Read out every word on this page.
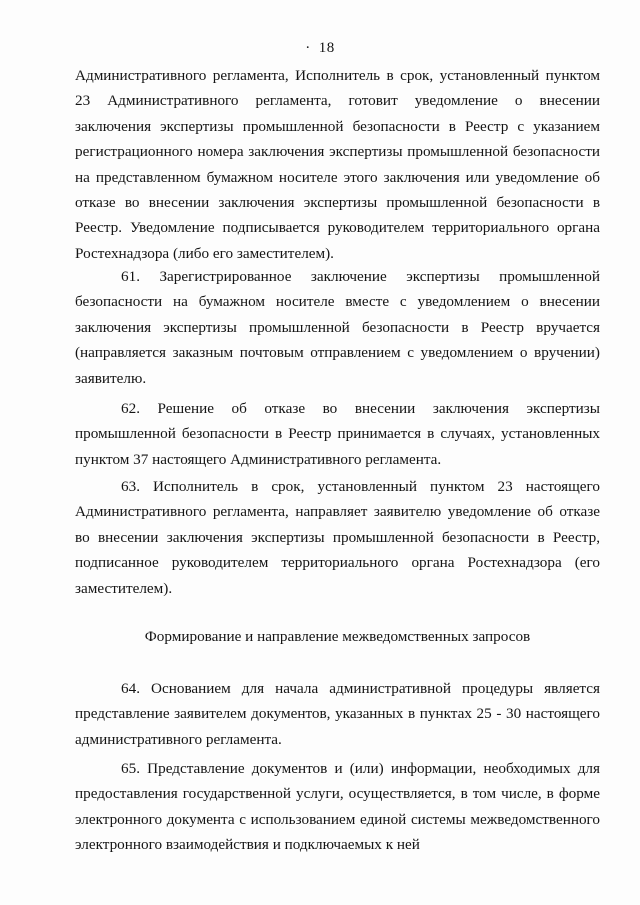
· 18

Административного регламента, Исполнитель в срок, установленный пунктом 23 Административного регламента, готовит уведомление о внесении заключения экспертизы промышленной безопасности в Реестр с указанием регистрационного номера заключения экспертизы промышленной безопасности на представленном бумажном носителе этого заключения или уведомление об отказе во внесении заключения экспертизы промышленной безопасности в Реестр. Уведомление подписывается руководителем территориального органа Ростехнадзора (либо его заместителем).

61. Зарегистрированное заключение экспертизы промышленной безопасности на бумажном носителе вместе с уведомлением о внесении заключения экспертизы промышленной безопасности в Реестр вручается (направляется заказным почтовым отправлением с уведомлением о вручении) заявителю.

62. Решение об отказе во внесении заключения экспертизы промышленной безопасности в Реестр принимается в случаях, установленных пунктом 37 настоящего Административного регламента.

63. Исполнитель в срок, установленный пунктом 23 настоящего Административного регламента, направляет заявителю уведомление об отказе во внесении заключения экспертизы промышленной безопасности в Реестр, подписанное руководителем территориального органа Ростехнадзора (его заместителем).

Формирование и направление межведомственных запросов

64. Основанием для начала административной процедуры является представление заявителем документов, указанных в пунктах 25 - 30 настоящего административного регламента.

65. Представление документов и (или) информации, необходимых для предоставления государственной услуги, осуществляется, в том числе, в форме электронного документа с использованием единой системы межведомственного электронного взаимодействия и подключаемых к ней
